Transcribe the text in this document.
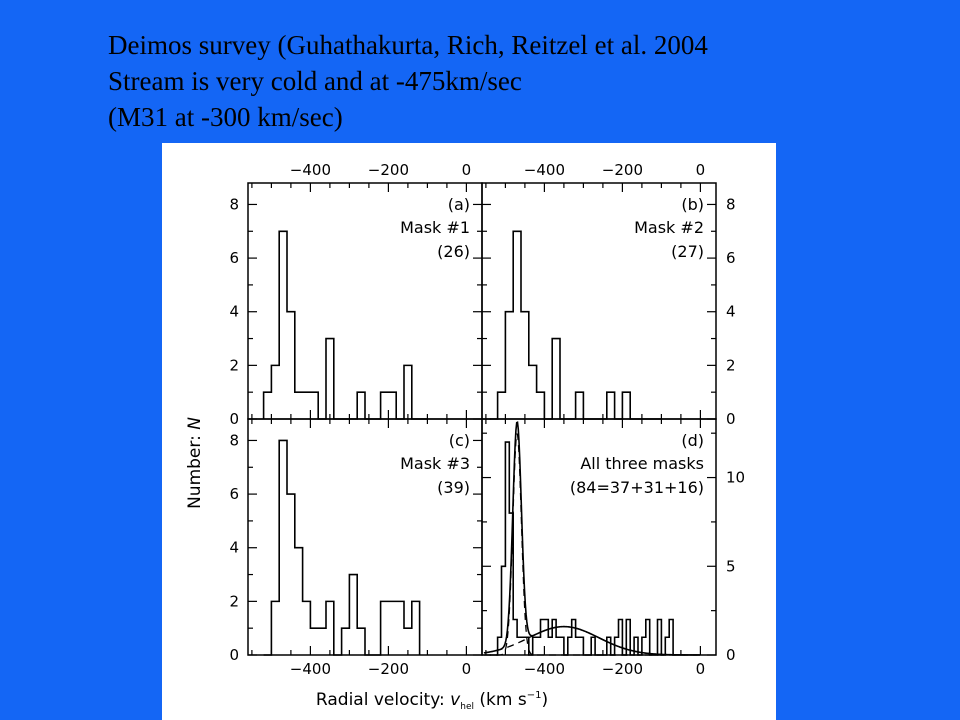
Deimos survey (Guhathakurta, Rich, Reitzel et al. 2004
Stream is very cold and at -475km/sec
(M31 at -300 km/sec)
−400 −200	0
0
2
4
6
8	(a)
Mask #1
(26)
−400 −200	0
0
2
4
6
8
(b)
Mask #2
(27)
−400 −200	0
0
2
4
6
8	(c)
Mask #3
(39)
−400 −200	0
0
5
10
(d)
All three masks
(84=37+31+16)
Number: N
Radial velocity: $v_{hel}$ (km $s^{-1}$)
